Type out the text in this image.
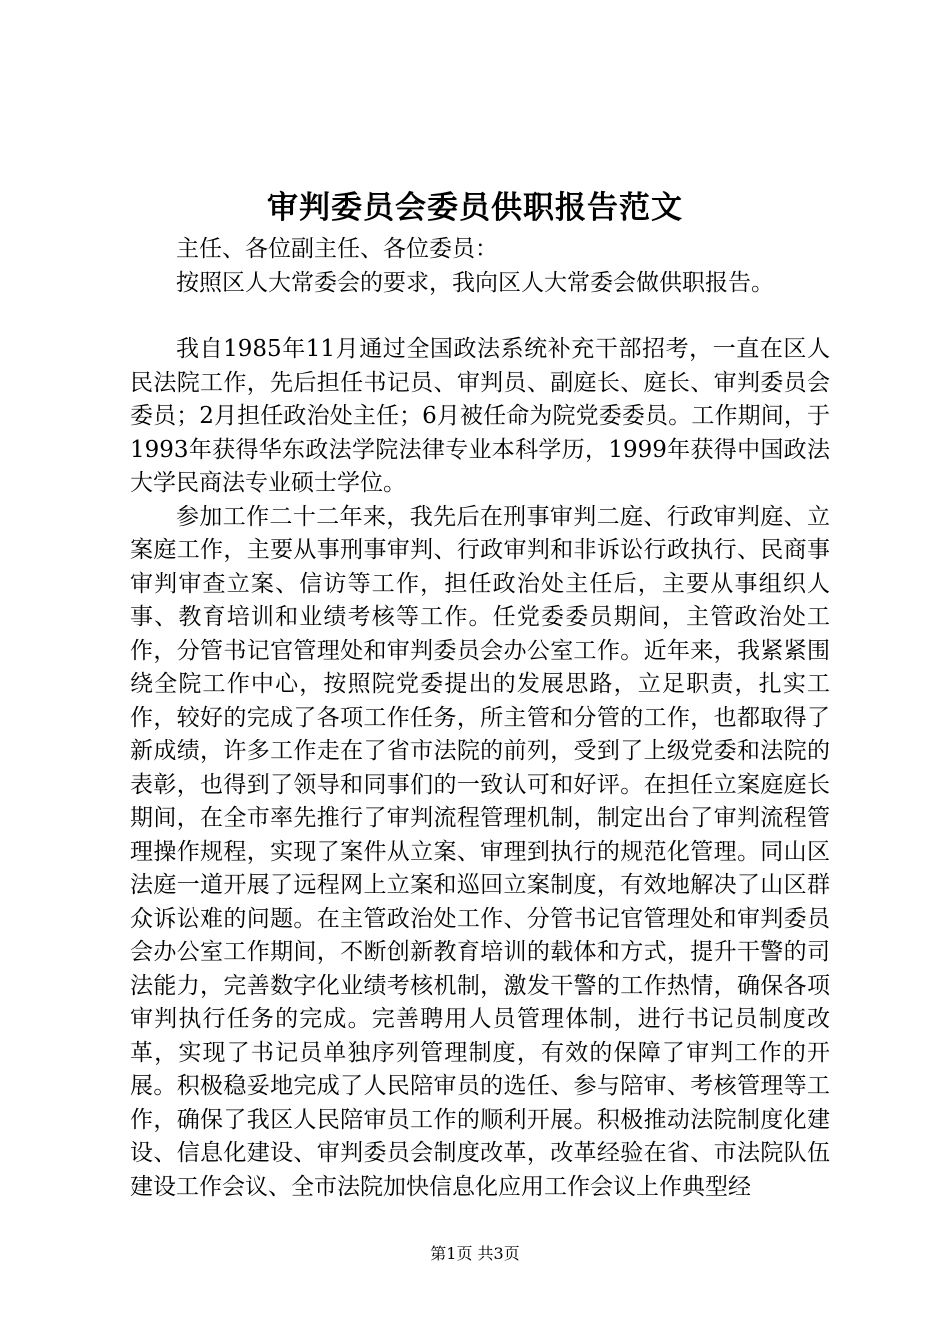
审判委员会委员供职报告范文

主任、各位副主任、各位委员：

按照区人大常委会的要求，我向区人大常委会做供职报告。

我自1985年11月通过全国政法系统补充干部招考，一直在区人民法院工作，先后担任书记员、审判员、副庭长、庭长、审判委员会委员；2月担任政治处主任；6月被任命为院党委委员。工作期间，于1993年获得华东政法学院法律专业本科学历，1999年获得中国政法大学民商法专业硕士学位。

参加工作二十二年来，我先后在刑事审判二庭、行政审判庭、立案庭工作，主要从事刑事审判、行政审判和非诉讼行政执行、民商事审判审查立案、信访等工作，担任政治处主任后，主要从事组织人事、教育培训和业绩考核等工作。任党委委员期间，主管政治处工作，分管书记官管理处和审判委员会办公室工作。近年来，我紧紧围绕全院工作中心，按照院党委提出的发展思路，立足职责，扎实工作，较好的完成了各项工作任务，所主管和分管的工作，也都取得了新成绩，许多工作走在了省市法院的前列，受到了上级党委和法院的表彰，也得到了领导和同事们的一致认可和好评。在担任立案庭庭长期间，在全市率先推行了审判流程管理机制，制定出台了审判流程管理操作规程，实现了案件从立案、审理到执行的规范化管理。同山区法庭一道开展了远程网上立案和巡回立案制度，有效地解决了山区群众诉讼难的问题。在主管政治处工作、分管书记官管理处和审判委员会办公室工作期间，不断创新教育培训的载体和方式，提升干警的司法能力，完善数字化业绩考核机制，激发干警的工作热情，确保各项审判执行任务的完成。完善聘用人员管理体制，进行书记员制度改革，实现了书记员单独序列管理制度，有效的保障了审判工作的开展。积极稳妥地完成了人民陪审员的选任、参与陪审、考核管理等工作，确保了我区人民陪审员工作的顺利开展。积极推动法院制度化建设、信息化建设、审判委员会制度改革，改革经验在省、市法院队伍建设工作会议、全市法院加快信息化应用工作会议上作典型经

第1页 共3页
